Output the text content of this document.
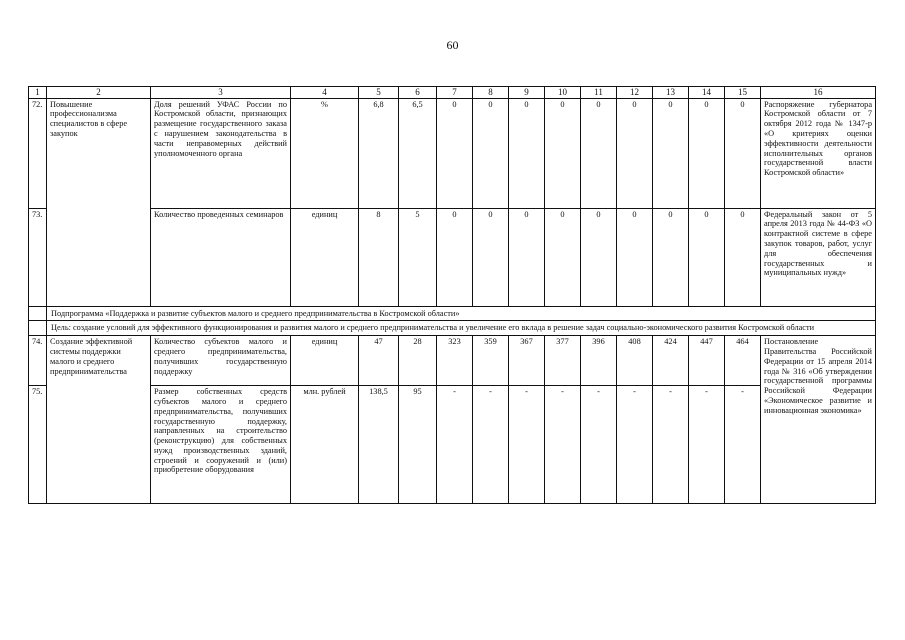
60
1	2	3	4	5	6	7	8	9	10	11	12	13	14	15	16
72.	Повышение профессионализма специалистов в сфере закупок	Доля решений УФАС России по Костромской области, признающих размещение государственного заказа с нарушением законодательства в части неправомерных действий уполномоченного органа	%	6,8	6,5	0	0	0	0	0	0	0	0	0	Распоряжение губернатора Костромской области от 7 октября 2012 года № 1347-р «О критериях оценки эффективности деятельности исполнительных органов государственной власти Костромской области»
73.		Количество проведенных семинаров	единиц	8	5	0	0	0	0	0	0	0	0	0	Федеральный закон от 5 апреля 2013 года № 44-ФЗ «О контрактной системе в сфере закупок товаров, работ, услуг для обеспечения государственных и муниципальных нужд»
	Подпрограмма «Поддержка и развитие субъектов малого и среднего предпринимательства в Костромской области»														
	Цель: создание условий для эффективного функционирования и развития малого и среднего предпринимательства и увеличение его вклада в решение задач социально-экономического развития Костромской области														
74.	Создание эффективной системы поддержки малого и среднего предпринимательства	Количество субъектов малого и среднего предпринимательства, получивших государственную поддержку	единиц	47	28	323	359	367	377	396	408	424	447	464	Постановление Правительства Российской Федерации от 15 апреля 2014 года № 316 «Об утверждении государственной программы Российской Федерации «Экономическое развитие и инновационная экономика»
75.		Размер собственных средств субъектов малого и среднего предпринимательства, получивших государственную поддержку, направленных на строительство (реконструкцию) для собственных нужд производственных зданий, строений и сооружений и (или) приобретение оборудования	млн. рублей	138,5	95	-	-	-	-	-	-	-	-	-	
